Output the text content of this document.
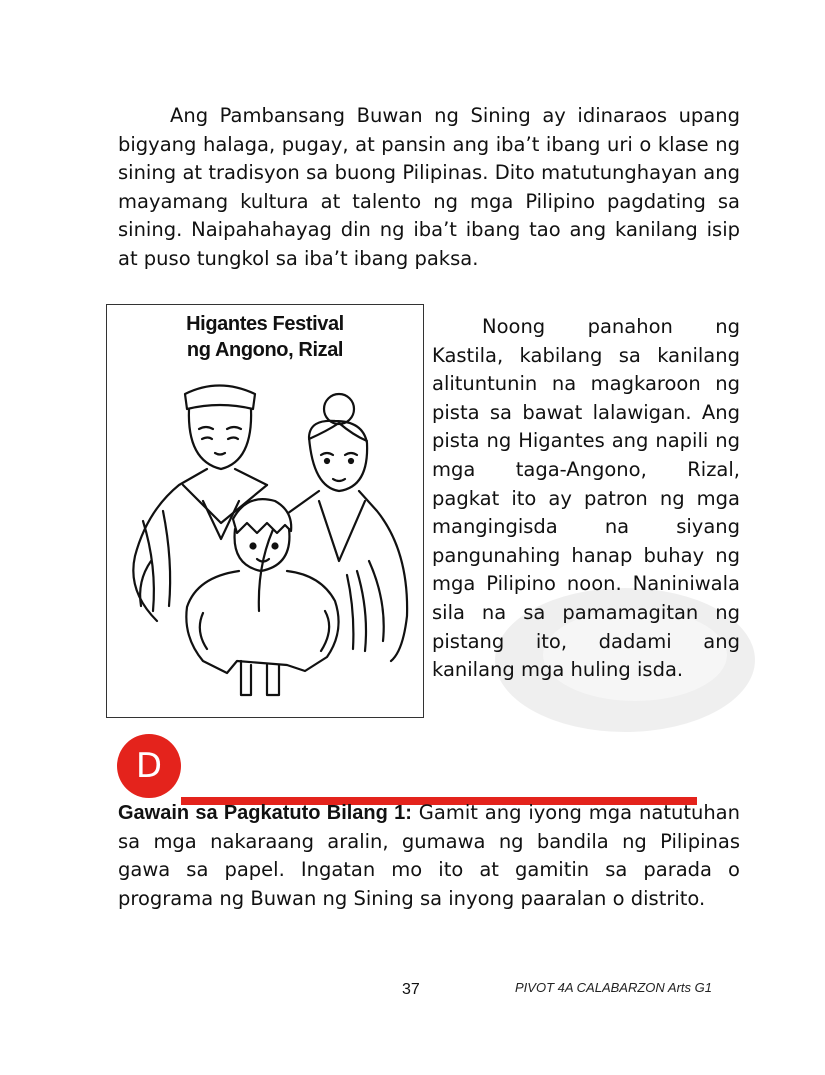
Ang Pambansang Buwan ng Sining ay idinaraos upang bigyang halaga, pugay, at pansin ang iba’t ibang uri o klase ng sining at tradisyon sa buong Pilipinas. Dito matutunghayan ang mayamang kultura at talento ng mga Pilipino pagdating sa sining. Naipahahayag din ng iba’t ibang tao ang kanilang isip at puso tungkol sa iba’t ibang paksa.

Higantes Festival
ng Angono, Rizal

Noong panahon ng Kastila, kabilang sa kanilang alituntunin na magkaroon ng pista sa bawat lalawigan. Ang pista ng Higantes ang napili ng mga taga-Angono, Rizal, pagkat ito ay patron ng mga mangingisda na siyang pangunahing hanap buhay ng mga Pilipino noon. Naniniwala sila na sa pamamagitan ng pistang ito, dadami ang kanilang mga huling isda.

D

Gawain sa Pagkatuto Bilang 1: Gamit ang iyong mga natutuhan sa mga nakaraang aralin, gumawa ng bandila ng Pilipinas gawa sa papel. Ingatan mo ito at gamitin sa parada o programa ng Buwan ng Sining sa inyong paaralan o distrito.

37	PIVOT 4A CALABARZON Arts G1
